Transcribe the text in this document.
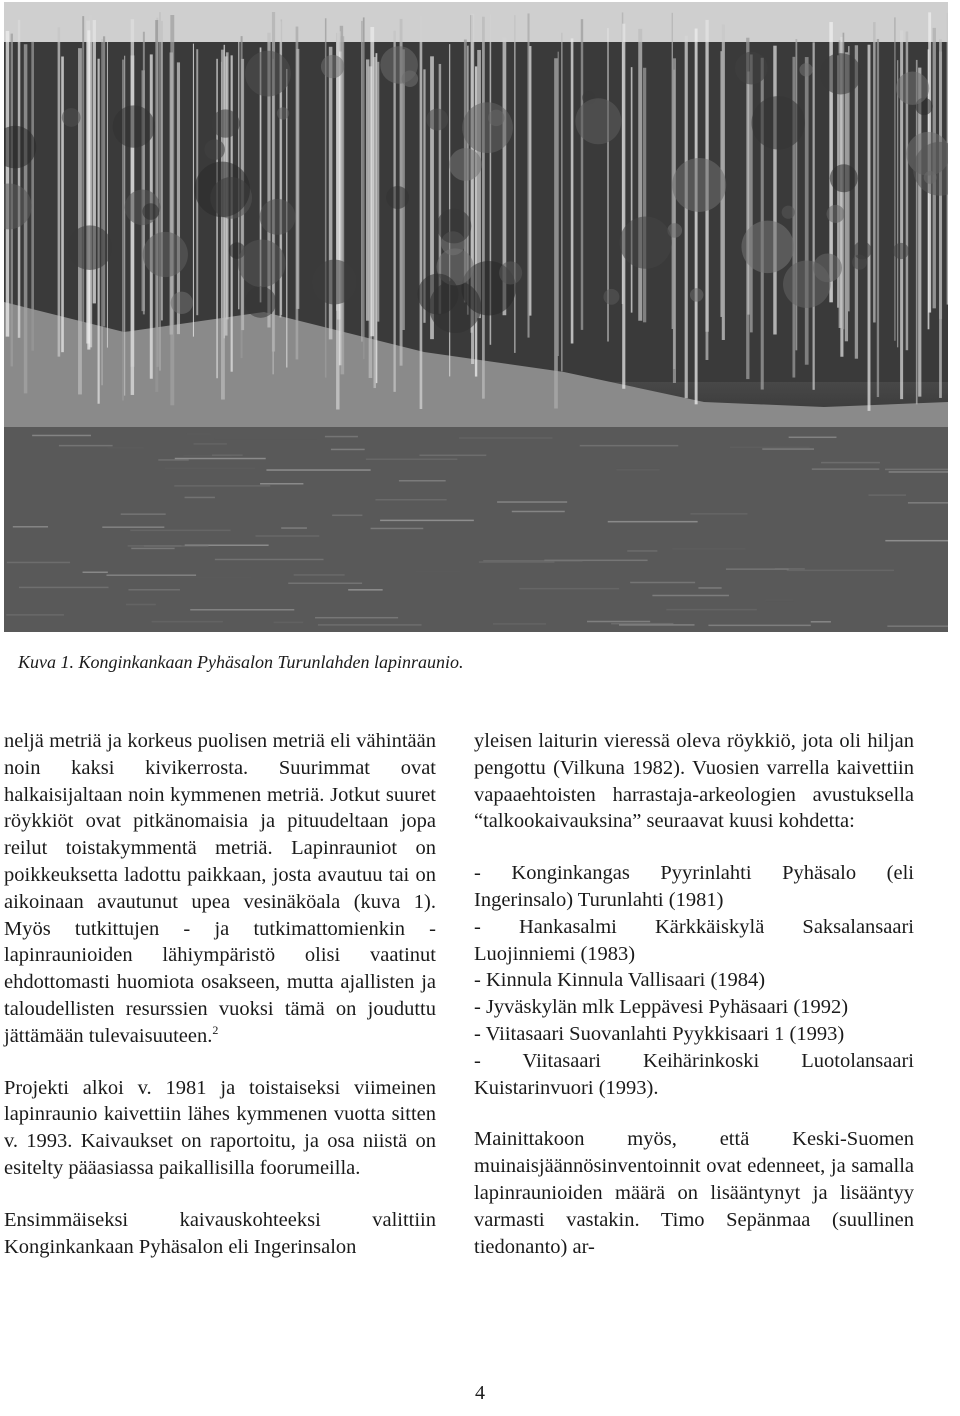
Kuva 1. Konginkankaan Pyhäsalon Turunlahden lapinraunio.

neljä metriä ja korkeus puolisen metriä eli vähintään noin kaksi kivikerrosta. Suurimmat ovat halkaisijaltaan noin kymmenen metriä. Jotkut suuret röykkiöt ovat pitkänomaisia ja pituudeltaan jopa reilut toistakymmentä metriä. Lapinrauniot on poikkeuksetta ladottu paikkaan, josta avautuu tai on aikoinaan avautunut upea vesinäköala (kuva 1). Myös tutkittujen - ja tutkimattomienkin - lapinraunioiden lähiympäristö olisi vaatinut ehdottomasti huomiota osakseen, mutta ajallisten ja taloudellisten resurssien vuoksi tämä on jouduttu jättämään tulevaisuuteen.$^2$

Projekti alkoi v. 1981 ja toistaiseksi viimeinen lapinraunio kaivettiin lähes kymmenen vuotta sitten v. 1993. Kaivaukset on raportoitu, ja osa niistä on esitelty pääasiassa paikallisilla foorumeilla.

Ensimmäiseksi kaivauskohteeksi valittiin Konginkankaan Pyhäsalon eli Ingerinsalon

yleisen laiturin vieressä oleva röykkiö, jota oli hiljan pengottu (Vilkuna 1982). Vuosien varrella kaivettiin vapaaehtoisten harrastaja-arkeologien avustuksella “talkookaivauksina” seuraavat kuusi kohdetta:

- Konginkangas Pyyrinlahti Pyhäsalo (eli Ingerinsalo) Turunlahti (1981)
- Hankasalmi Kärkkäiskylä Saksalansaari Luojinniemi (1983)
- Kinnula Kinnula Vallisaari (1984)
- Jyväskylän mlk Leppävesi Pyhäsaari (1992)
- Viitasaari Suovanlahti Pyykkisaari 1 (1993)
- Viitasaari Keihärinkoski Luotolansaari Kuistarinvuori (1993).

Mainittakoon myös, että Keski-Suomen muinaisjäännösinventoinnit ovat edenneet, ja samalla lapinraunioiden määrä on lisääntynyt ja lisääntyy varmasti vastakin. Timo Sepänmaa (suullinen tiedonanto) ar-

4
